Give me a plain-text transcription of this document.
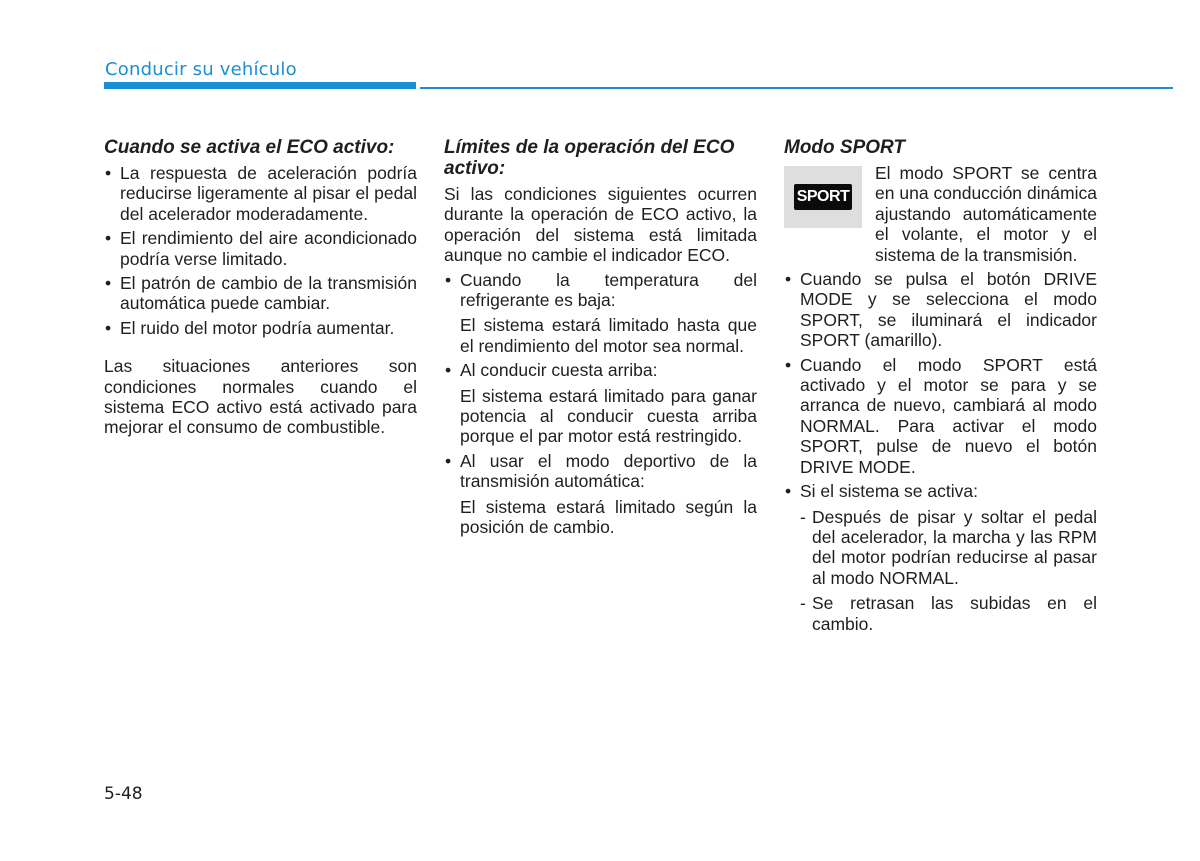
Conducir su vehículo
Cuando se activa el ECO activo:
• La respuesta de aceleración podría reducirse ligeramente al pisar el pedal del acelerador moderadamente.
• El rendimiento del aire acondicionado podría verse limitado.
• El patrón de cambio de la transmisión automática puede cambiar.
• El ruido del motor podría aumentar.

Las situaciones anteriores son condiciones normales cuando el sistema ECO activo está activado para mejorar el consumo de combustible.

Límites de la operación del ECO activo:

Si las condiciones siguientes ocurren durante la operación de ECO activo, la operación del sistema está limitada aunque no cambie el indicador ECO.

• Cuando la temperatura del refrigerante es baja:
El sistema estará limitado hasta que el rendimiento del motor sea normal.
• Al conducir cuesta arriba:
El sistema estará limitado para ganar potencia al conducir cuesta arriba porque el par motor está restringido.
• Al usar el modo deportivo de la transmisión automática:
El sistema estará limitado según la posición de cambio.
Modo SPORT
SPORT

El modo SPORT se centra en una conducción dinámica ajustando automáticamente el volante, el motor y el sistema de la transmisión.

• Cuando se pulsa el botón DRIVE MODE y se selecciona el modo SPORT, se iluminará el indicador SPORT (amarillo).
• Cuando el modo SPORT está activado y el motor se para y se arranca de nuevo, cambiará al modo NORMAL. Para activar el modo SPORT, pulse de nuevo el botón DRIVE MODE.
• Si el sistema se activa:
- Después de pisar y soltar el pedal del acelerador, la marcha y las RPM del motor podrían reducirse al pasar al modo NORMAL.
- Se retrasan las subidas en el cambio.
5-48
